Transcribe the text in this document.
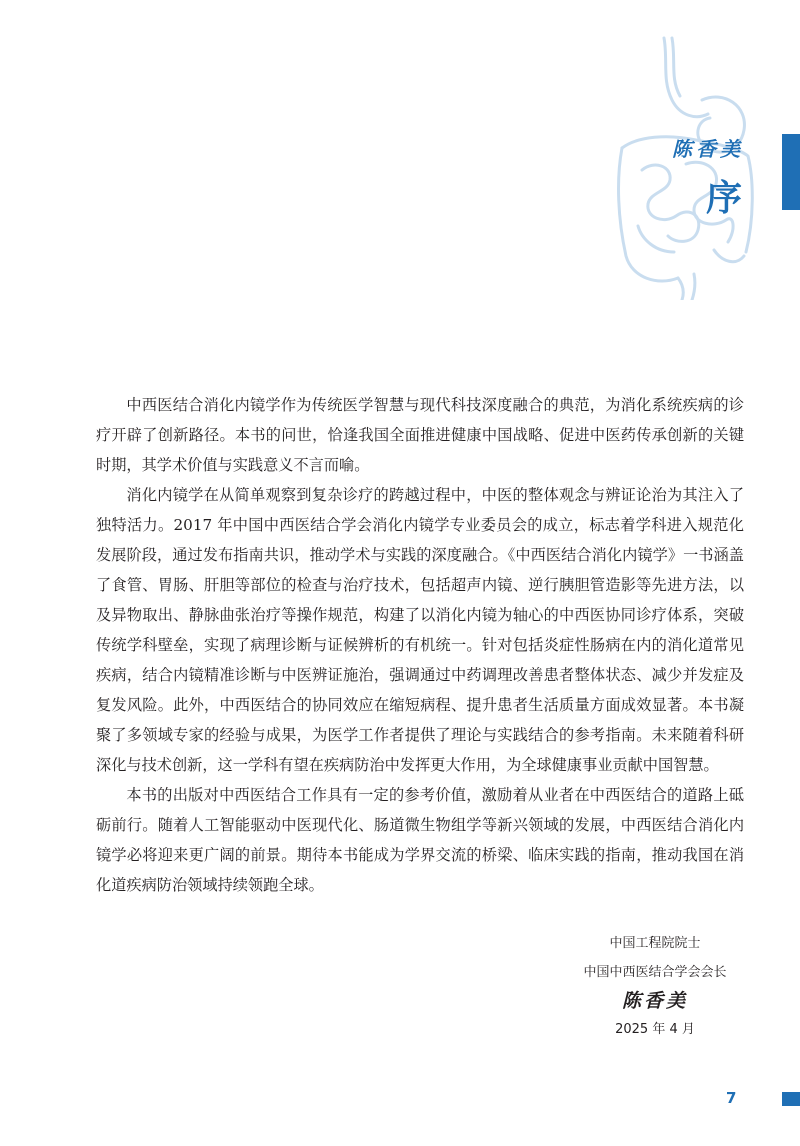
陈香美
序

中西医结合消化内镜学作为传统医学智慧与现代科技深度融合的典范，为消化系统疾病的诊疗开辟了创新路径。本书的问世，恰逢我国全面推进健康中国战略、促进中医药传承创新的关键时期，其学术价值与实践意义不言而喻。

消化内镜学在从简单观察到复杂诊疗的跨越过程中，中医的整体观念与辨证论治为其注入了独特活力。2017 年中国中西医结合学会消化内镜学专业委员会的成立，标志着学科进入规范化发展阶段，通过发布指南共识，推动学术与实践的深度融合。《中西医结合消化内镜学》一书涵盖了食管、胃肠、肝胆等部位的检查与治疗技术，包括超声内镜、逆行胰胆管造影等先进方法，以及异物取出、静脉曲张治疗等操作规范，构建了以消化内镜为轴心的中西医协同诊疗体系，突破传统学科壁垒，实现了病理诊断与证候辨析的有机统一。针对包括炎症性肠病在内的消化道常见疾病，结合内镜精准诊断与中医辨证施治，强调通过中药调理改善患者整体状态、减少并发症及复发风险。此外，中西医结合的协同效应在缩短病程、提升患者生活质量方面成效显著。本书凝聚了多领域专家的经验与成果，为医学工作者提供了理论与实践结合的参考指南。未来随着科研深化与技术创新，这一学科有望在疾病防治中发挥更大作用，为全球健康事业贡献中国智慧。

本书的出版对中西医结合工作具有一定的参考价值，激励着从业者在中西医结合的道路上砥砺前行。随着人工智能驱动中医现代化、肠道微生物组学等新兴领域的发展，中西医结合消化内镜学必将迎来更广阔的前景。期待本书能成为学界交流的桥梁、临床实践的指南，推动我国在消化道疾病防治领域持续领跑全球。

中国工程院院士
中国中西医结合学会会长
陈香美
2025 年 4 月
7
